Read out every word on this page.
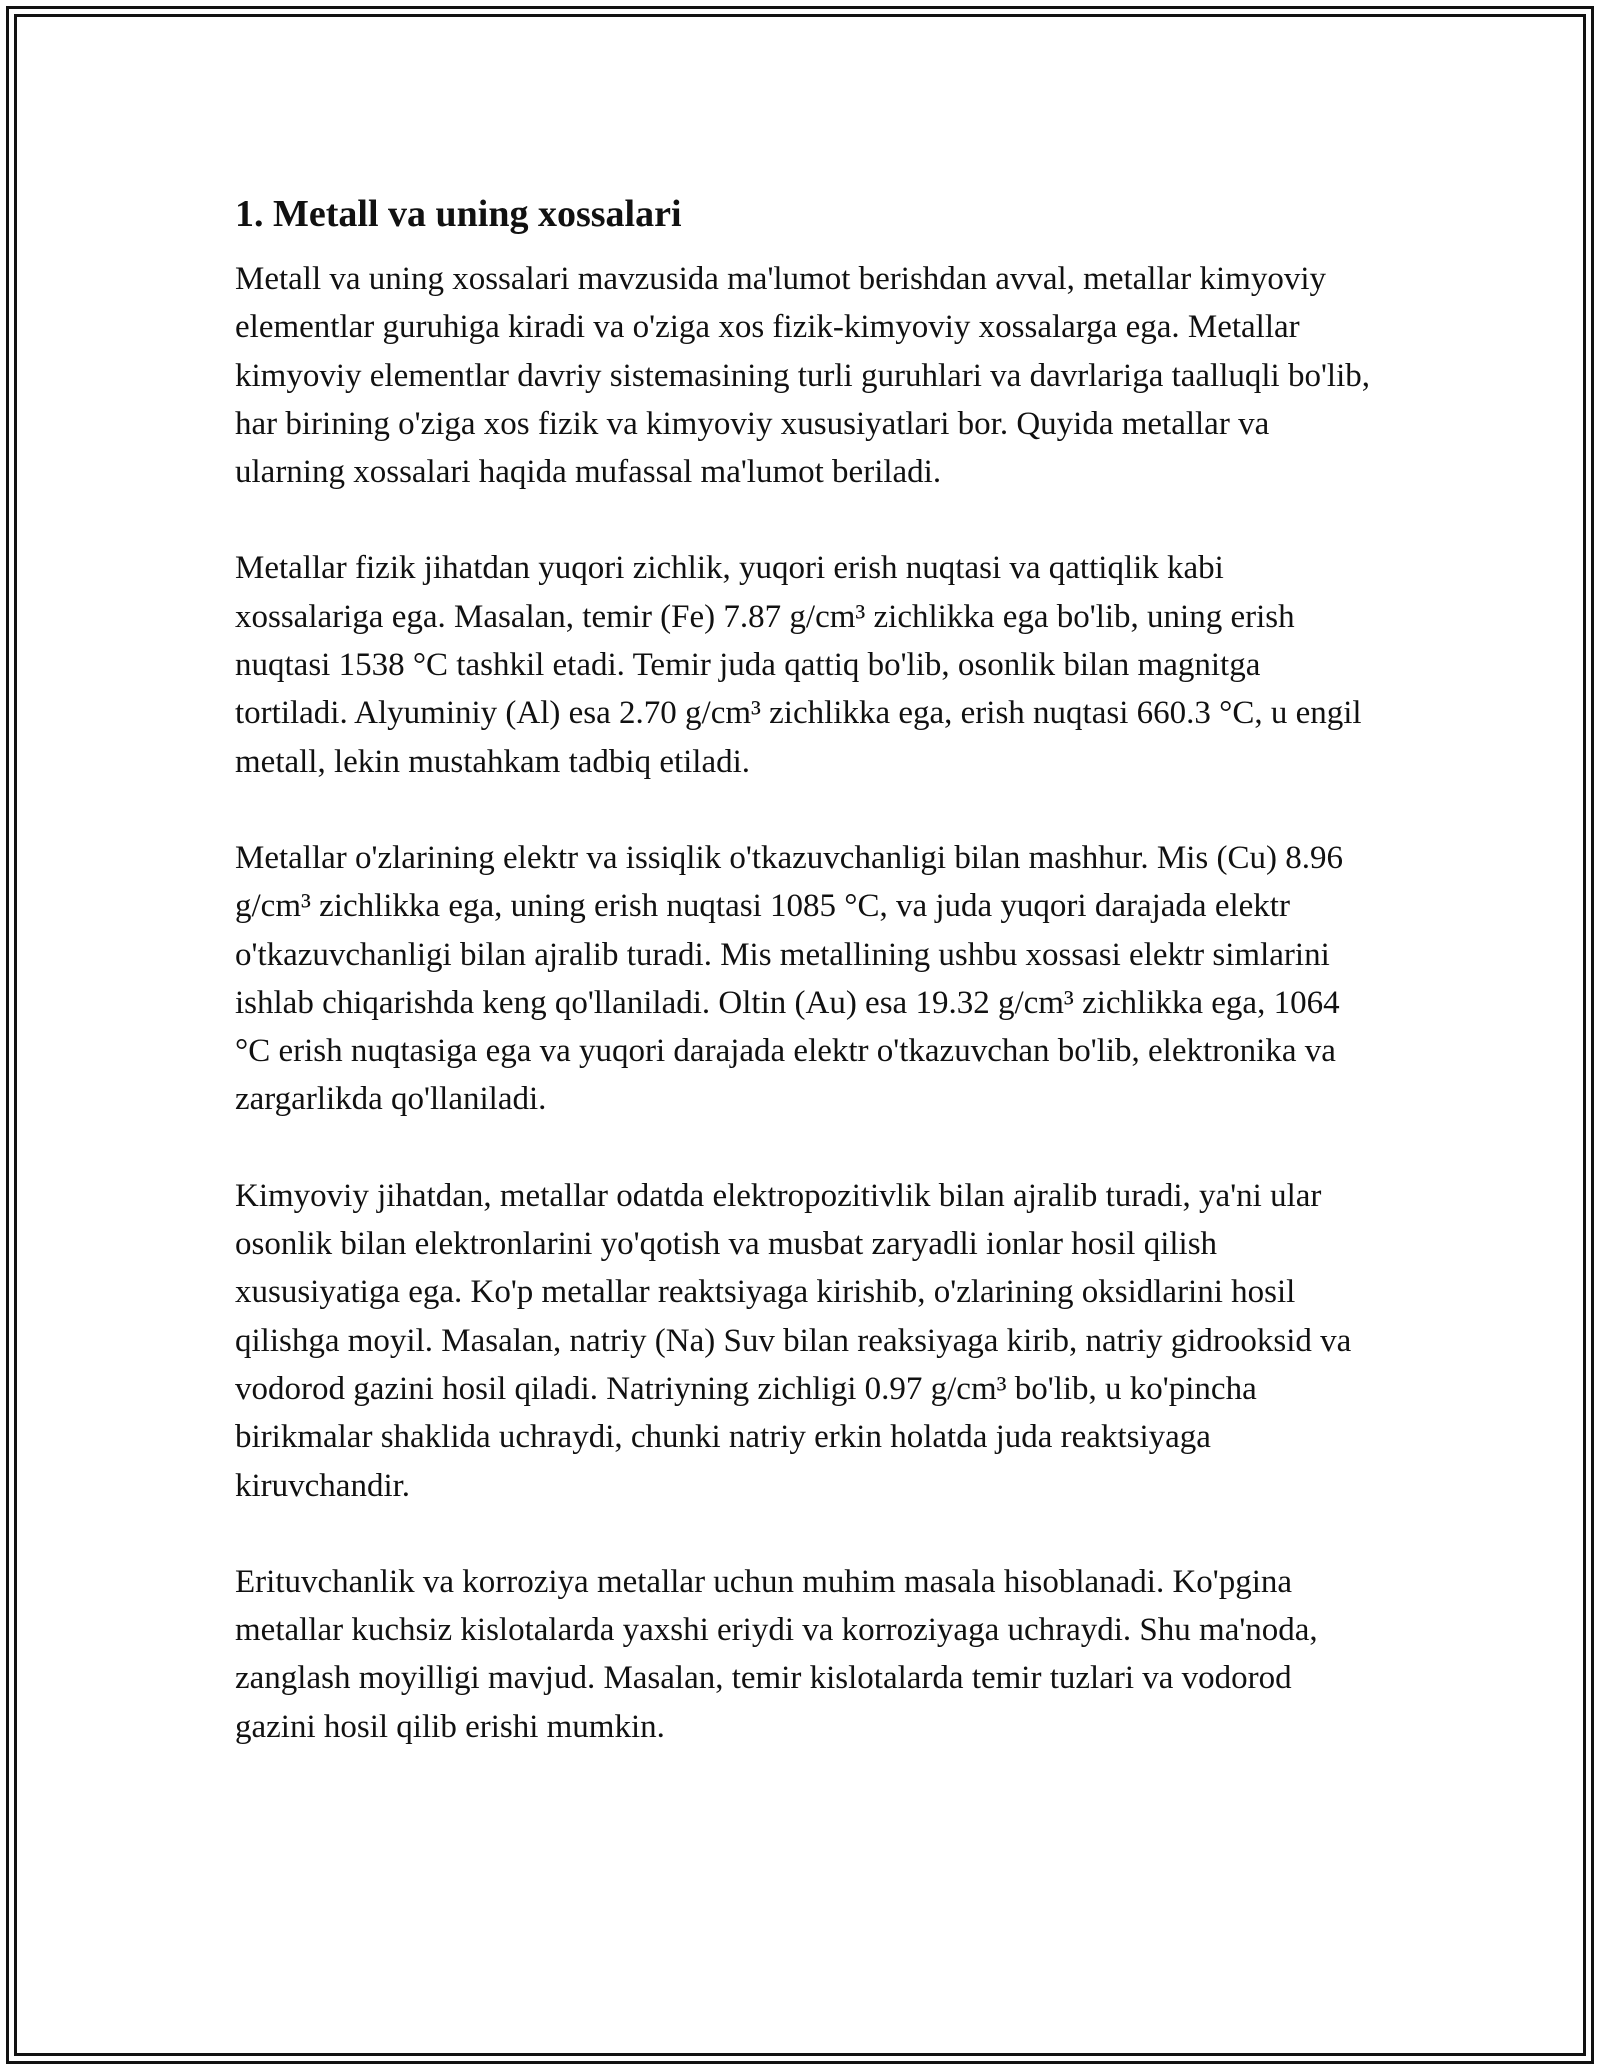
1. Metall va uning xossalari

Metall va uning xossalari mavzusida ma'lumot berishdan avval, metallar kimyoviy elementlar guruhiga kiradi va o'ziga xos fizik-kimyoviy xossalarga ega. Metallar kimyoviy elementlar davriy sistemasining turli guruhlari va davrlariga taalluqli bo'lib, har birining o'ziga xos fizik va kimyoviy xususiyatlari bor. Quyida metallar va ularning xossalari haqida mufassal ma'lumot beriladi.

Metallar fizik jihatdan yuqori zichlik, yuqori erish nuqtasi va qattiqlik kabi xossalariga ega. Masalan, temir (Fe) 7.87 g/cm³ zichlikka ega bo'lib, uning erish nuqtasi 1538 °C tashkil etadi. Temir juda qattiq bo'lib, osonlik bilan magnitga tortiladi. Alyuminiy (Al) esa 2.70 g/cm³ zichlikka ega, erish nuqtasi 660.3 °C, u engil metall, lekin mustahkam tadbiq etiladi.

Metallar o'zlarining elektr va issiqlik o'tkazuvchanligi bilan mashhur. Mis (Cu) 8.96 g/cm³ zichlikka ega, uning erish nuqtasi 1085 °C, va juda yuqori darajada elektr o'tkazuvchanligi bilan ajralib turadi. Mis metallining ushbu xossasi elektr simlarini ishlab chiqarishda keng qo'llaniladi. Oltin (Au) esa 19.32 g/cm³ zichlikka ega, 1064 °C erish nuqtasiga ega va yuqori darajada elektr o'tkazuvchan bo'lib, elektronika va zargarlikda qo'llaniladi.

Kimyoviy jihatdan, metallar odatda elektropozitivlik bilan ajralib turadi, ya'ni ular osonlik bilan elektronlarini yo'qotish va musbat zaryadli ionlar hosil qilish xususiyatiga ega. Ko'p metallar reaktsiyaga kirishib, o'zlarining oksidlarini hosil qilishga moyil. Masalan, natriy (Na) Suv bilan reaksiyaga kirib, natriy gidrooksid va vodorod gazini hosil qiladi. Natriyning zichligi 0.97 g/cm³ bo'lib, u ko'pincha birikmalar shaklida uchraydi, chunki natriy erkin holatda juda reaktsiyaga kiruvchandir.

Erituvchanlik va korroziya metallar uchun muhim masala hisoblanadi. Ko'pgina metallar kuchsiz kislotalarda yaxshi eriydi va korroziyaga uchraydi. Shu ma'noda, zanglash moyilligi mavjud. Masalan, temir kislotalarda temir tuzlari va vodorod gazini hosil qilib erishi mumkin.
